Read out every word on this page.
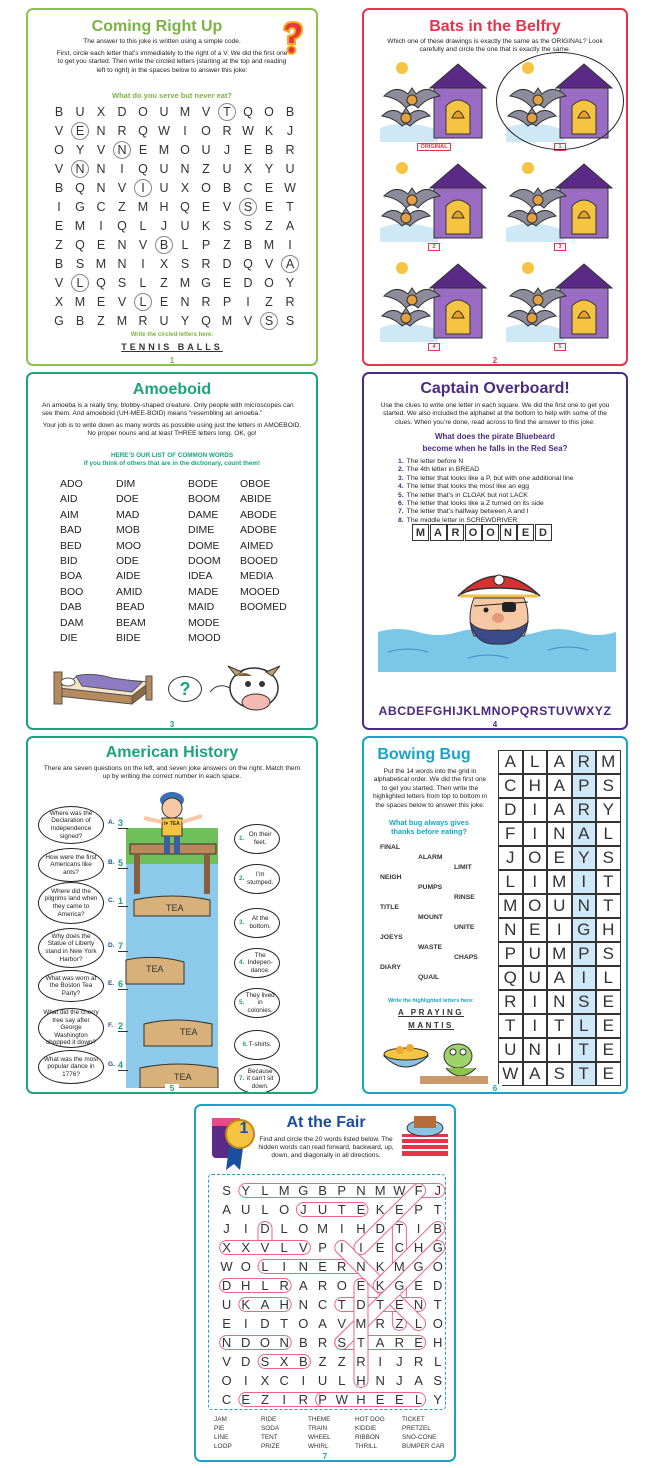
Coming Right Up
The answer to this joke is written using a simple code.
First, circle each letter that’s immediately to the right of a V. We did the first one to get you started. Then write the circled letters (starting at the top and reading left to right) in the spaces below to answer this joke:
What do you serve but never eat?
B U X D O U M V	T Q O B
V	E N R Q W	I	O R W K	J
O Y	V N E M O U	J	E	B R
V N N	I	Q U N	Z	U X	Y U
B Q N V	I	U X O B C E W
I	G C	Z M H Q E	V	S	E	T
E M	I	Q	L	J	U K	S	S	Z	A
Z Q E N V	B	L	P	Z	B M	I
B	S M N	I	X	S R D Q V	A
V	L	Q S	L	Z M G E D O Y
X M E	V	L	E N R P	I	Z	R
G B	Z M R U Y Q M V	S	S
Write the circled letters here:
TENNIS BALLS
1
Bats in the Belfry
Which one of these drawings is exactly the same as the ORIGINAL? Look carefully and circle the one that is exactly the same.
ORIGINAL	1
2	3
4	5
2
Amoeboid
An amoeba is a really tiny, blobby-shaped creature. Only people with microscopes can see them. And amoeboid (UH-MEE-BOID) means “resembling an amoeba.”
Your job is to write down as many words as possible using just the letters in AMOEBOID. No proper nouns and at least THREE letters long. OK, go!
HERE’S OUR LIST OF COMMON WORDS
If you think of others that are in the dictionary, count them!
ADO
AID
AIM
BAD
BED
BID
BOA
BOO
DAB
DAM
DIE
DIM
DOE
MAD
MOB
MOO
ODE
AIDE
AMID
BEAD
BEAM
BIDE
BODE
BOOM
DAME
DIME
DOME
DOOM
IDEA
MADE
MAID
MODE
MOOD
OBOE
ABIDE
ABODE
ADOBE
AIMED
BOOED
MEDIA
MOOED
BOOMED
?
3
Captain Overboard!
Use the clues to write one letter in each square. We did the first one to get you started. We also included the alphabet at the bottom to help with some of the clues. When you’re done, read across to find the answer to this joke:
What does the pirate Bluebeard
become when he falls in the Red Sea?
1. The letter before N
2. The 4th letter in BREAD
3. The letter that looks like a P, but with one additional line
4. The letter that looks the most like an egg
5. The letter that’s in CLOAK but not LACK
6. The letter that looks like a Z turned on its side
7. The letter that’s halfway between A and I
8. The middle letter in SCREWDRIVER
M A R O O N E D
ABCDEFGHIJKLMNOPQRSTUVWXYZ
4
American History
There are seven questions on the left, and seven joke answers on the right. Match them up by writing the correct number in each space.
I♥ TEA
TEA
TEA
TEA
TEA
Where was the Declaration of Independence signed?
A. 3
How were the first Americans like ants?
B. 5
Where did the pilgrims land when they came to America?
C. 1
Why does the Statue of Liberty stand in New York Harbor?
D. 7
What was worn at the Boston Tea Party?
E. 6
What did the cherry tree say after George Washington chopped it down?
F. 2
What was the most popular dance in 1776?
G. 4
1.
On their feet.
2.
I’m stumped.
3.
At the bottom.
4.
The Indepen-dance.
5.
They lived in colonies.
6. T-shirts.
7.
Because it can’t sit down.
5
Bowing Bug
Put the 14 words into the grid in alphabetical order. We did the first one to get you started. Then write the highlighted letters from top to bottom in the spaces below to answer this joke:
What bug always gives thanks before eating?
FINAL
ALARM
LIMIT
NEIGH
PUMPS
RINSE
TITLE
MOUNT
UNITE
JOEYS
WASTE
CHAPS
DIARY
QUAIL
Write the highlighted letters here:
A PRAYING
MANTIS
A L A R M
C H A P S
D I A R Y
F I N A L
J O E Y S
L	I M I T
M O U N T
N E I G H
P U M P S
Q U A I	L
R I N S E
T I T L E
U N I T E
W A S T E
6
1	At the Fair
Find and circle the 20 words listed below. The hidden words can read forward, backward, up, down, and diagonally in all directions.
S Y L M G B P N M W F J
A U L O J U T E K E P T
J	I D L O M I H D T	I	B
X X V L V P	I	I	E C H G
W O L	I N E R N K M G O
D H L R A R O E K G E D
U K A H N C T D T E N T
E	I D T O A V M R Z L O
N D O N B R S T A R E H
V D S X B Z Z R I	J R L
O I	X C I U L H N J A S
C E Z	I R P W H E E L Y
JAM
PIE
LINE
LOOP
RIDE
SODA
TENT
PRIZE
THEME
TRAIN
WHEEL
WHIRL
HOT DOG
KIDDIE
RIBBON
THRILL
TICKET
PRETZEL
SNO-CONE
BUMPER CAR
7
